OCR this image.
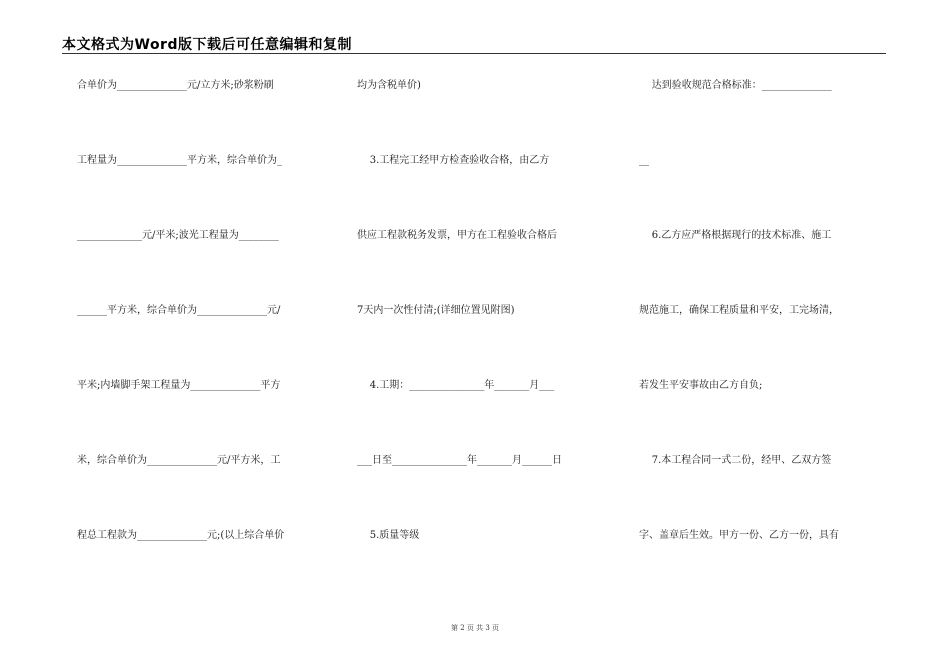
本文格式为Word版下载后可任意编辑和复制
合单价为______________元/立方米;砂浆粉刷
工程量为______________平方米，综合单价为_
_____________元/平米;波光工程量为________
______平方米，综合单价为______________元/
平米;内墙脚手架工程量为______________平方
米，综合单价为______________元/平方米，工
程总工程款为______________元;(以上综合单价
均为含税单价)
3.工程完工经甲方检查验收合格，由乙方
供应工程款税务发票，甲方在工程验收合格后
7天内一次性付清;(详细位置见附图)
4.工期：_______________年_______月___
___日至_______________年_______月______日
5.质量等级
达到验收规范合格标准：______________
__
6.乙方应严格根据现行的技术标准、施工
规范施工，确保工程质量和平安，工完场清，
若发生平安事故由乙方自负;
7.本工程合同一式二份，经甲、乙双方签
字、盖章后生效。甲方一份、乙方一份，具有
第 2 页 共 3 页
